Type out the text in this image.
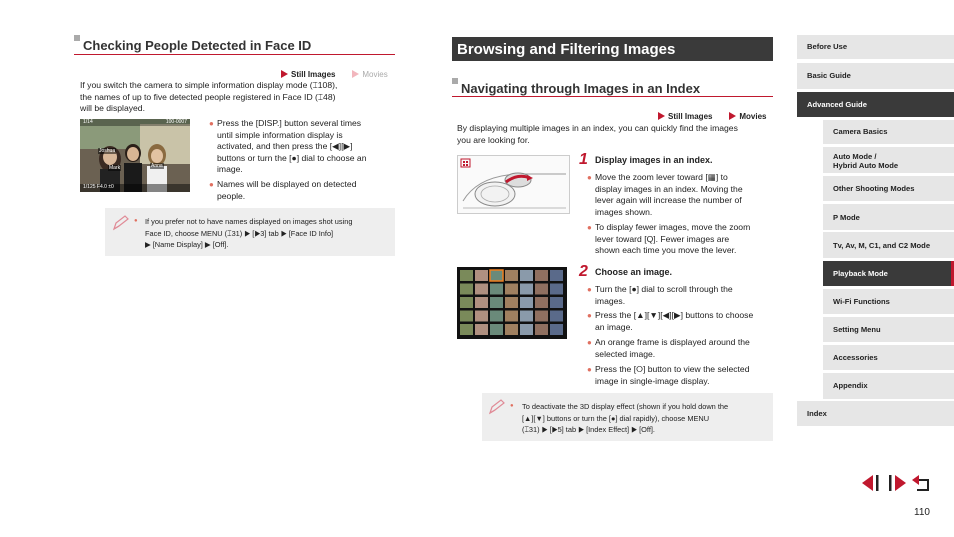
Checking People Detected in Face ID
Still Images	Movies
If you switch the camera to simple information display mode (⌶108),
the names of up to five detected people registered in Face ID (⌶48)
will be displayed.
1/14	100-0007
Joshua
Mark	Anna
1/125 F4.0 ±0
● Press the [DISP.] button several times
until simple information display is
activated, and then press the [◀][▶]
buttons or turn the [●] dial to choose an
image.
● Names will be displayed on detected
people.
● If you prefer not to have names displayed on images shot using
Face ID, choose MENU (⌶31) ▶ [▶3] tab ▶ [Face ID Info]
▶ [Name Display] ▶ [Off].
Browsing and Filtering Images
Navigating through Images in an Index
Still Images	Movies
By displaying multiple images in an index, you can quickly find the images
you are looking for.
1 Display images in an index.
● Move the zoom lever toward [▦] to
display images in an index. Moving the
lever again will increase the number of
images shown.
● To display fewer images, move the zoom
lever toward [Q]. Fewer images are
shown each time you move the lever.
2 Choose an image.
● Turn the [●] dial to scroll through the
images.
● Press the [▲][▼][◀][▶] buttons to choose
an image.
● An orange frame is displayed around the
selected image.
● Press the [⭘] button to view the selected
image in single-image display.
● To deactivate the 3D display effect (shown if you hold down the
[▲][▼] buttons or turn the [●] dial rapidly), choose MENU
(⌶31) ▶ [▶5] tab ▶ [Index Effect] ▶ [Off].
Before Use
Basic Guide
Advanced Guide
Camera Basics
Auto Mode /
Hybrid Auto Mode
Other Shooting Modes
P Mode
Tv, Av, M, C1, and C2 Mode
Playback Mode
Wi-Fi Functions
Setting Menu
Accessories
Appendix
Index
110
